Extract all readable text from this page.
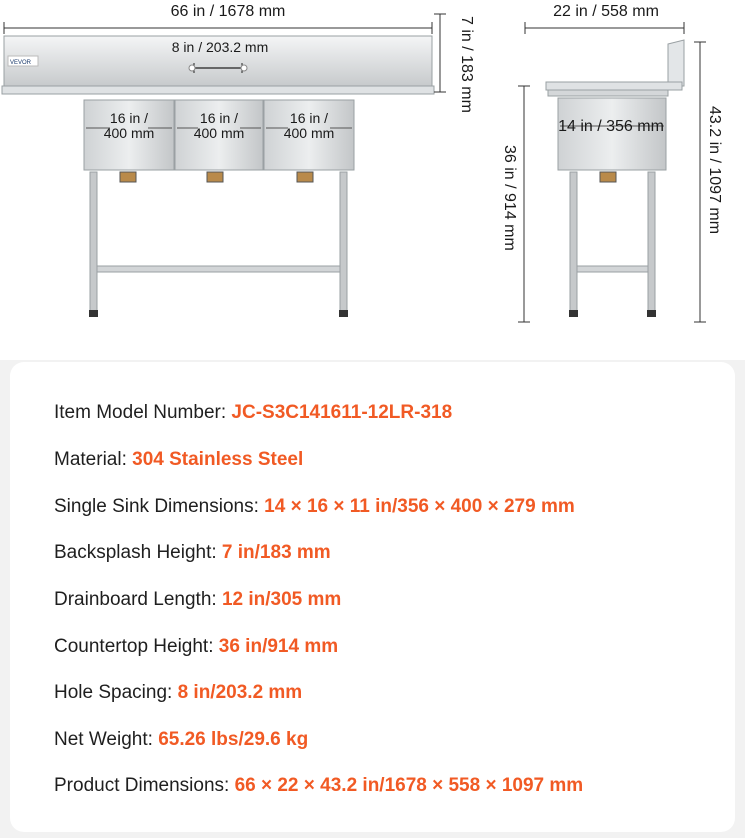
VEVOR
66 in / 1678 mm
8 in / 203.2 mm	7 in / 183 mm
16 in /
400 mm
16 in /
400 mm
16 in /
400 mm
22 in / 558 mm
14 in / 356 mm
36 in / 914 mm	43.2 in / 1097 mm
Item Model Number: JC-S3C141611-12LR-318
Material: 304 Stainless Steel
Single Sink Dimensions: 14 × 16 × 11 in/356 × 400 × 279 mm
Backsplash Height: 7 in/183 mm
Drainboard Length: 12 in/305 mm
Countertop Height: 36 in/914 mm
Hole Spacing: 8 in/203.2 mm
Net Weight: 65.26 lbs/29.6 kg
Product Dimensions: 66 × 22 × 43.2 in/1678 × 558 × 1097 mm
